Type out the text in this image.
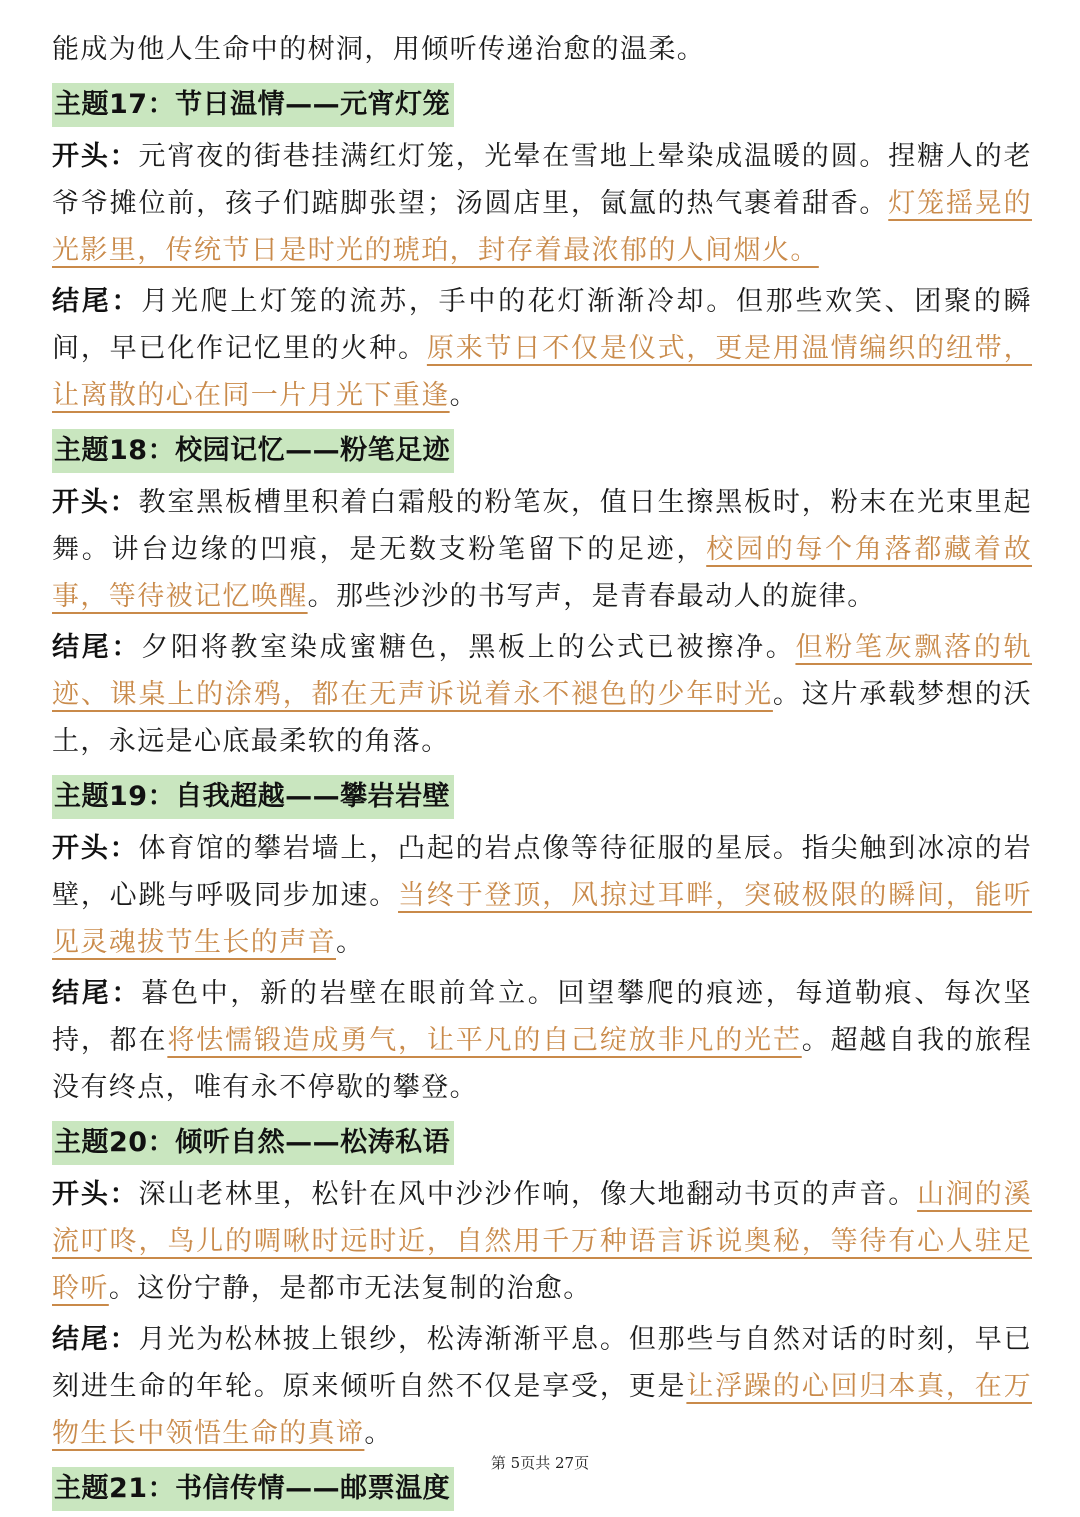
能成为他人生命中的树洞，用倾听传递治愈的温柔。

主题17：节日温情——元宵灯笼

开头：元宵夜的街巷挂满红灯笼，光晕在雪地上晕染成温暖的圆。捏糖人的老爷爷摊位前，孩子们踮脚张望；汤圆店里，氤氲的热气裹着甜香。灯笼摇晃的光影里，传统节日是时光的琥珀，封存着最浓郁的人间烟火。

结尾：月光爬上灯笼的流苏，手中的花灯渐渐冷却。但那些欢笑、团聚的瞬间，早已化作记忆里的火种。原来节日不仅是仪式，更是用温情编织的纽带，让离散的心在同一片月光下重逢。

主题18：校园记忆——粉笔足迹

开头：教室黑板槽里积着白霜般的粉笔灰，值日生擦黑板时，粉末在光束里起舞。讲台边缘的凹痕，是无数支粉笔留下的足迹，校园的每个角落都藏着故事，等待被记忆唤醒。那些沙沙的书写声，是青春最动人的旋律。

结尾：夕阳将教室染成蜜糖色，黑板上的公式已被擦净。但粉笔灰飘落的轨迹、课桌上的涂鸦，都在无声诉说着永不褪色的少年时光。这片承载梦想的沃土，永远是心底最柔软的角落。

主题19：自我超越——攀岩岩壁

开头：体育馆的攀岩墙上，凸起的岩点像等待征服的星辰。指尖触到冰凉的岩壁，心跳与呼吸同步加速。当终于登顶，风掠过耳畔，突破极限的瞬间，能听见灵魂拔节生长的声音。

结尾：暮色中，新的岩壁在眼前耸立。回望攀爬的痕迹，每道勒痕、每次坚持，都在将怯懦锻造成勇气，让平凡的自己绽放非凡的光芒。超越自我的旅程没有终点，唯有永不停歇的攀登。

主题20：倾听自然——松涛私语

开头：深山老林里，松针在风中沙沙作响，像大地翻动书页的声音。山涧的溪流叮咚，鸟儿的啁啾时远时近，自然用千万种语言诉说奥秘，等待有心人驻足聆听。这份宁静，是都市无法复制的治愈。

结尾：月光为松林披上银纱，松涛渐渐平息。但那些与自然对话的时刻，早已刻进生命的年轮。原来倾听自然不仅是享受，更是让浮躁的心回归本真，在万物生长中领悟生命的真谛。

主题21：书信传情——邮票温度
第 5页共 27页
